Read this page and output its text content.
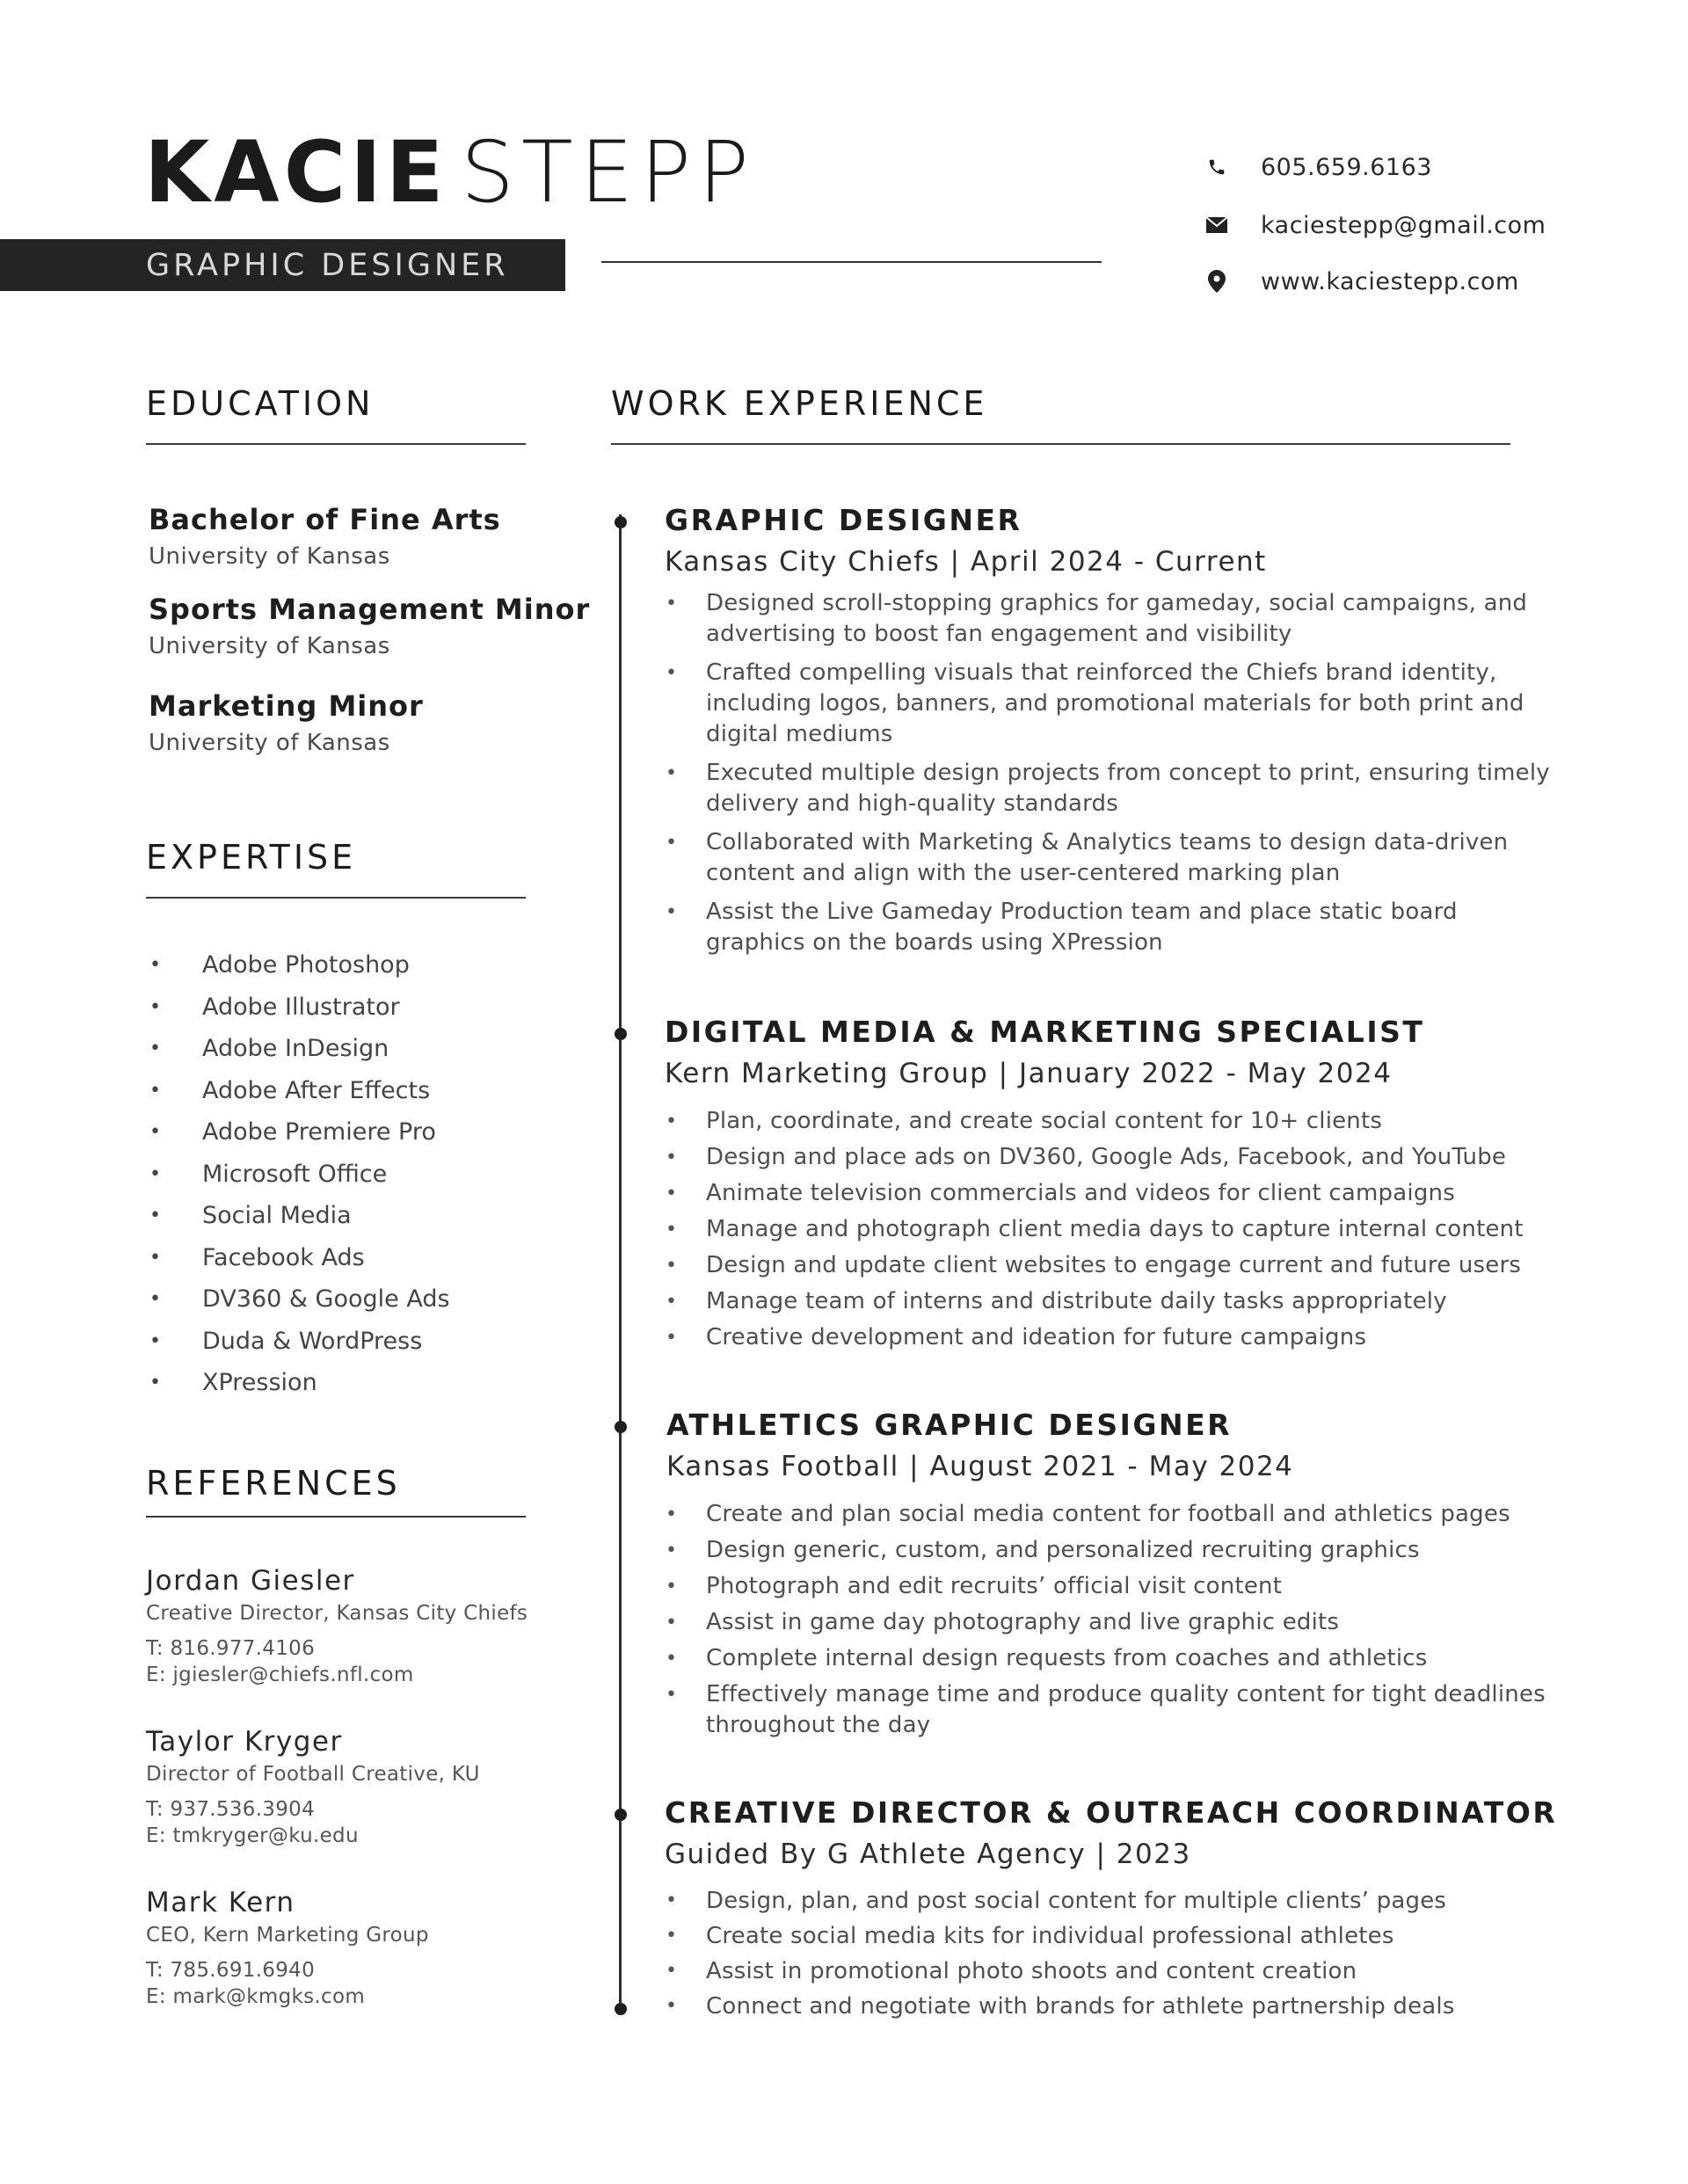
KACIE STEPP
GRAPHIC DESIGNER
605.659.6163
kaciestepp@gmail.com
www.kaciestepp.com
EDUCATION
Bachelor of Fine Arts
University of Kansas
Sports Management Minor
University of Kansas
Marketing Minor
University of Kansas
EXPERTISE
•	Adobe Photoshop
•	Adobe Illustrator
•	Adobe InDesign
•	Adobe After Effects
•	Adobe Premiere Pro
•	Microsoft Office
•	Social Media
•	Facebook Ads
•	DV360 & Google Ads
•	Duda & WordPress
•	XPression
REFERENCES
Jordan Giesler
Creative Director, Kansas City Chiefs
T: 816.977.4106
E: jgiesler@chiefs.nfl.com
Taylor Kryger
Director of Football Creative, KU
T: 937.536.3904
E: tmkryger@ku.edu
Mark Kern
CEO, Kern Marketing Group
T: 785.691.6940
E: mark@kmgks.com
WORK EXPERIENCE
GRAPHIC DESIGNER
Kansas City Chiefs | April 2024 - Current
• Designed scroll-stopping graphics for gameday, social campaigns, and advertising to boost fan engagement and visibility
• Crafted compelling visuals that reinforced the Chiefs brand identity, including logos, banners, and promotional materials for both print and digital mediums
• Executed multiple design projects from concept to print, ensuring timely delivery and high-quality standards
• Collaborated with Marketing & Analytics teams to design data-driven content and align with the user-centered marking plan
• Assist the Live Gameday Production team and place static board graphics on the boards using XPression
DIGITAL MEDIA & MARKETING SPECIALIST
Kern Marketing Group | January 2022 - May 2024
• Plan, coordinate, and create social content for 10+ clients
• Design and place ads on DV360, Google Ads, Facebook, and YouTube
• Animate television commercials and videos for client campaigns
• Manage and photograph client media days to capture internal content
• Design and update client websites to engage current and future users
• Manage team of interns and distribute daily tasks appropriately
• Creative development and ideation for future campaigns
ATHLETICS GRAPHIC DESIGNER
Kansas Football | August 2021 - May 2024
• Create and plan social media content for football and athletics pages
• Design generic, custom, and personalized recruiting graphics
• Photograph and edit recruits’ official visit content
• Assist in game day photography and live graphic edits
• Complete internal design requests from coaches and athletics
• Effectively manage time and produce quality content for tight deadlines throughout the day
CREATIVE DIRECTOR & OUTREACH COORDINATOR
Guided By G Athlete Agency | 2023
• Design, plan, and post social content for multiple clients’ pages
• Create social media kits for individual professional athletes
• Assist in promotional photo shoots and content creation
• Connect and negotiate with brands for athlete partnership deals
